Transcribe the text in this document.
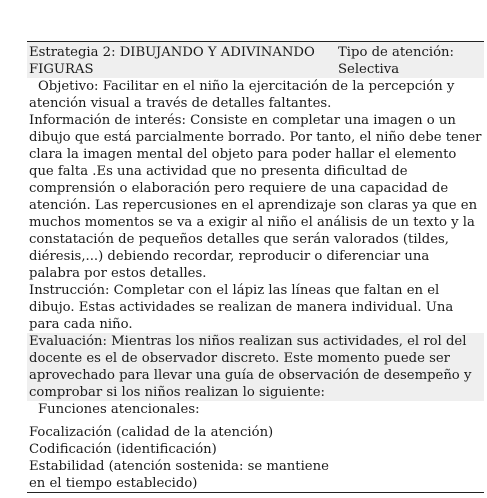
Estrategia 2: DIBUJANDO Y ADIVINANDO FIGURAS
Tipo de atención: Selectiva
Objetivo: Facilitar en el niño la ejercitación de la percepción y atención visual a través de detalles faltantes.
Información de interés: Consiste en completar una imagen o un dibujo que está parcialmente borrado. Por tanto, el niño debe tener clara la imagen mental del objeto para poder hallar el elemento que falta .Es una actividad que no presenta dificultad de comprensión o elaboración pero requiere de una capacidad de atención. Las repercusiones en el aprendizaje son claras ya que en muchos momentos se va a exigir al niño el análisis de un texto y la constatación de pequeños detalles que serán valorados (tildes, diéresis,...) debiendo recordar, reproducir o diferenciar una palabra por estos detalles.
Instrucción: Completar con el lápiz las líneas que faltan en el dibujo. Estas actividades se realizan de manera individual. Una para cada niño.
Evaluación: Mientras los niños realizan sus actividades, el rol del docente es el de observador discreto. Este momento puede ser aprovechado para llevar una guía de observación de desempeño y comprobar si los niños realizan lo siguiente:
Funciones atencionales:
Focalización (calidad de la atención)
Codificación (identificación)
Estabilidad (atención sostenida: se mantiene en el tiempo establecido)
